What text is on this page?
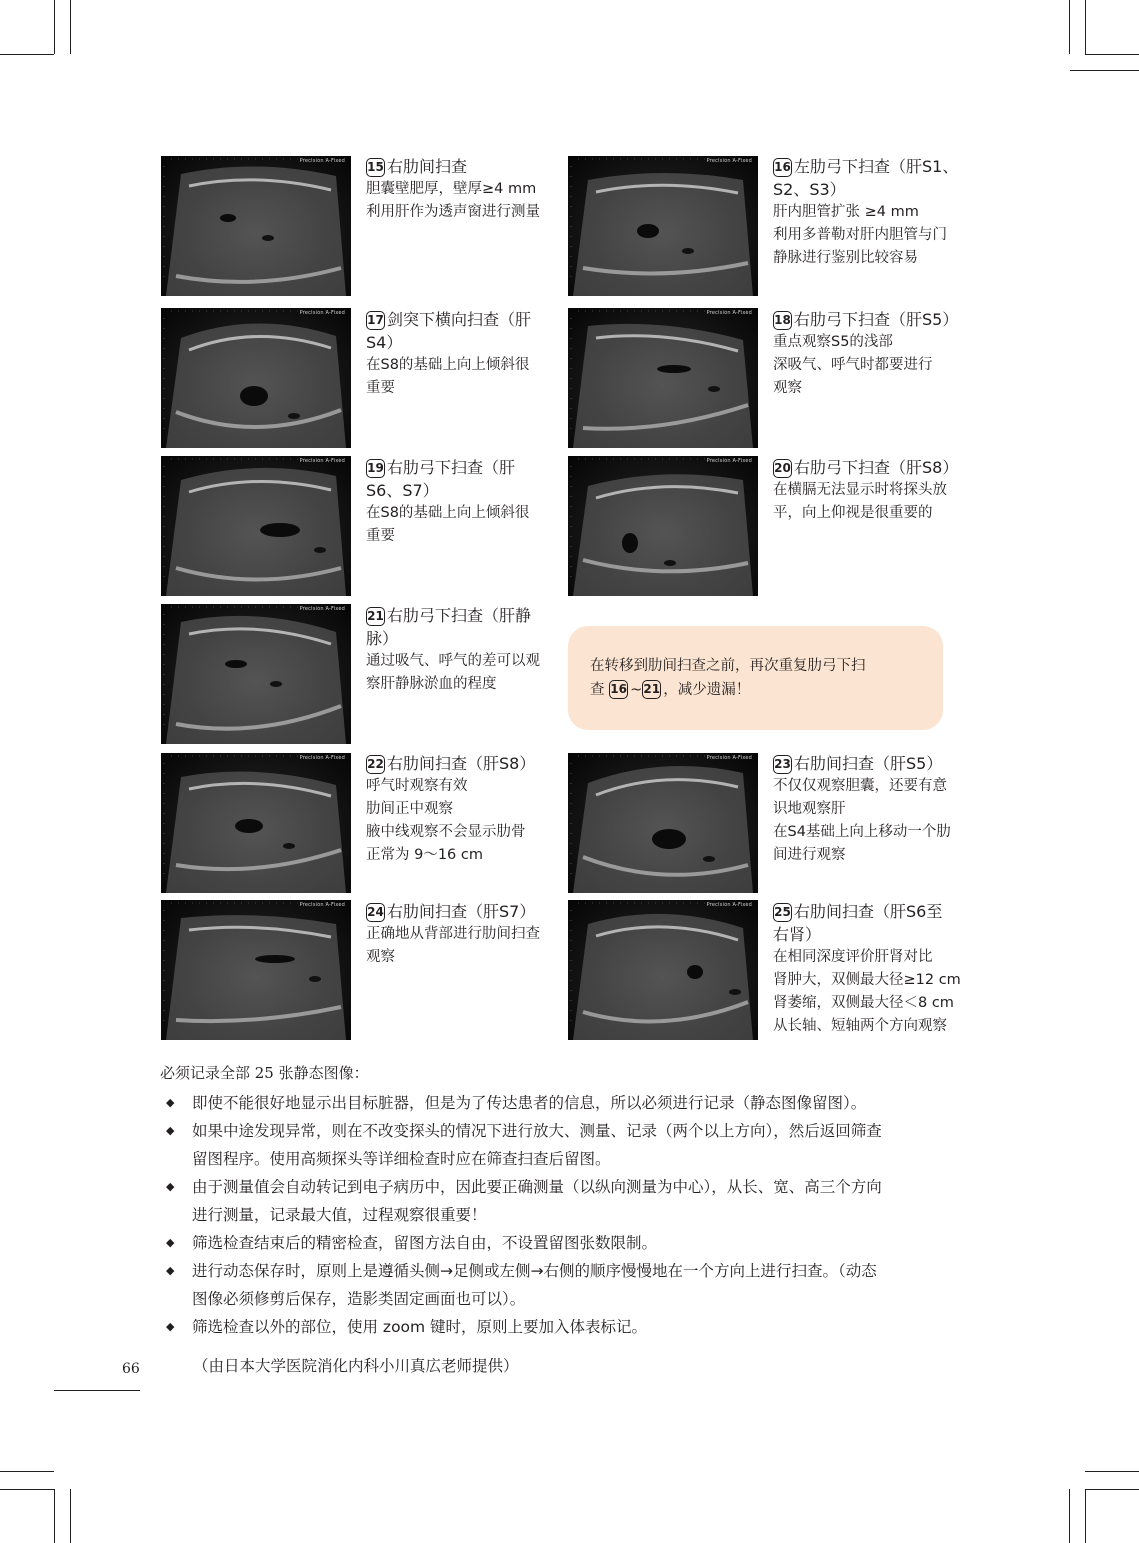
Precision A-Fixed	Precision A-Fixed
Precision A-Fixed	Precision A-Fixed
Precision A-Fixed	Precision A-Fixed
Precision A-Fixed
Precision A-Fixed	Precision A-Fixed
Precision A-Fixed	Precision A-Fixed
15 右肋间扫查
胆囊壁肥厚，壁厚≥4 mm
利用肝作为透声窗进行测量
16 左肋弓下扫查（肝S1、
S2、S3）
肝内胆管扩张 ≥4 mm
利用多普勒对肝内胆管与门
静脉进行鉴别比较容易
17 剑突下横向扫查（肝
S4）
在S8的基础上向上倾斜很
重要
18 右肋弓下扫查（肝S5）
重点观察S5的浅部
深吸气、呼气时都要进行
观察
19 右肋弓下扫查（肝
S6、S7）
在S8的基础上向上倾斜很
重要
20 右肋弓下扫查（肝S8）
在横膈无法显示时将探头放
平，向上仰视是很重要的
21 右肋弓下扫查（肝静
脉）
通过吸气、呼气的差可以观
察肝静脉淤血的程度
22 右肋间扫查（肝S8）
呼气时观察有效
肋间正中观察
腋中线观察不会显示肋骨
正常为 9～16 cm
23 右肋间扫查（肝S5）
不仅仅观察胆囊，还要有意
识地观察肝
在S4基础上向上移动一个肋
间进行观察
24 右肋间扫查（肝S7）
正确地从背部进行肋间扫查
观察
25 右肋间扫查（肝S6至
右肾）
在相同深度评价肝肾对比
肾肿大，双侧最大径≥12 cm
肾萎缩，双侧最大径＜8 cm
从长轴、短轴两个方向观察
在转移到肋间扫查之前，再次重复肋弓下扫
查 16 ~21 ，减少遗漏！
必须记录全部 25 张静态图像：
◆ 即使不能很好地显示出目标脏器，但是为了传达患者的信息，所以必须进行记录（静态图像留图）。
◆ 如果中途发现异常，则在不改变探头的情况下进行放大、测量、记录（两个以上方向），然后返回筛查
留图程序。使用高频探头等详细检查时应在筛查扫查后留图。
◆ 由于测量值会自动转记到电子病历中，因此要正确测量（以纵向测量为中心），从长、宽、高三个方向
进行测量，记录最大值，过程观察很重要！
◆ 筛选检查结束后的精密检查，留图方法自由，不设置留图张数限制。
◆ 进行动态保存时，原则上是遵循头侧→足侧或左侧→右侧的顺序慢慢地在一个方向上进行扫查。（动态
图像必须修剪后保存，造影类固定画面也可以）。
◆ 筛选检查以外的部位，使用 zoom 键时，原则上要加入体表标记。
（由日本大学医院消化内科小川真広老师提供）
66
